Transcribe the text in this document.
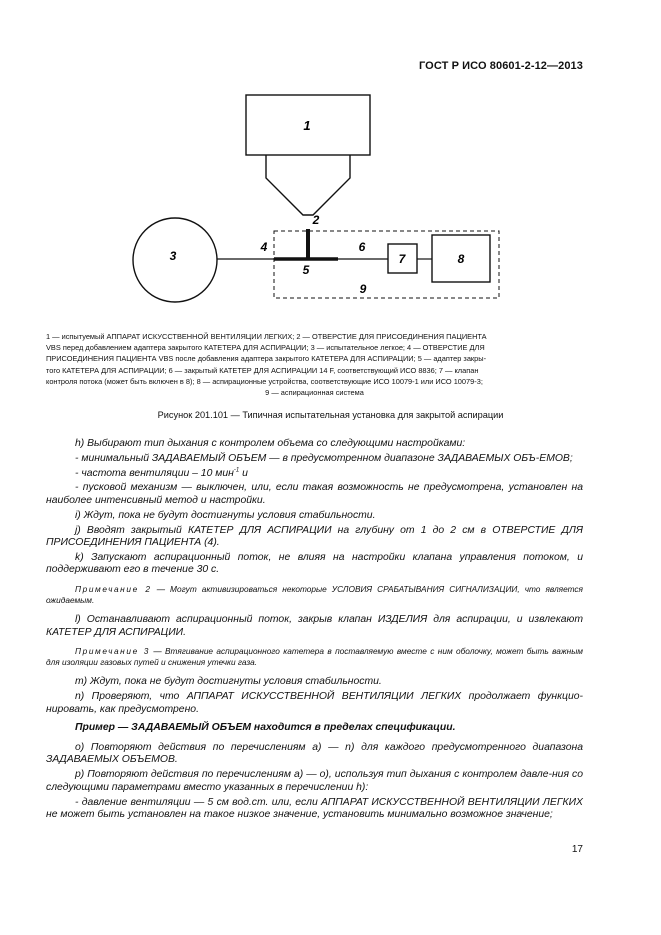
ГОСТ Р ИСО 80601-2-12—2013
1
2
3
4
5
6
7	8
9
1 — испытуемый АППАРАТ ИСКУССТВЕННОЙ ВЕНТИЛЯЦИИ ЛЕГКИХ; 2 — ОТВЕРСТИЕ ДЛЯ ПРИСОЕДИНЕНИЯ ПАЦИЕНТА
VBS перед добавлением адаптера закрытого КАТЕТЕРА ДЛЯ АСПИРАЦИИ; 3 — испытательное легкое; 4 — ОТВЕРСТИЕ ДЛЯ
ПРИСОЕДИНЕНИЯ ПАЦИЕНТА VBS после добавления адаптера закрытого КАТЕТЕРА ДЛЯ АСПИРАЦИИ; 5 — адаптер закры-
того КАТЕТЕРА ДЛЯ АСПИРАЦИИ; 6 — закрытый КАТЕТЕР ДЛЯ АСПИРАЦИИ 14 F, соответствующий ИСО 8836; 7 — клапан
контроля потока (может быть включен в 8); 8 — аспирационные устройства, соответствующие ИСО 10079-1 или ИСО 10079-3;
9 — аспирационная система
Рисунок 201.101 — Типичная испытательная установка для закрытой аспирации

h) Выбирают тип дыхания с контролем объема со следующими настройками:

- минимальный ЗАДАВАЕМЫЙ ОБЪЕМ — в предусмотренном диапазоне ЗАДАВАЕМЫХ ОБЪ-ЕМОВ;

- частота вентиляции – 10 мин$^{-1}$ и

- пусковой механизм — выключен, или, если такая возможность не предусмотрена, установлен на наиболее интенсивный метод и настройки.

i) Ждут, пока не будут достигнуты условия стабильности.

j) Вводят закрытый КАТЕТЕР ДЛЯ АСПИРАЦИИ на глубину от 1 до 2 см в ОТВЕРСТИЕ ДЛЯ ПРИСОЕДИНЕНИЯ ПАЦИЕНТА (4).

k) Запускают аспирационный поток, не влияя на настройки клапана управления потоком, и поддерживают его в течение 30 с.

Примечание 2 — Могут активизироваться некоторые УСЛОВИЯ СРАБАТЫВАНИЯ СИГНАЛИЗАЦИИ, что является ожидаемым.

l) Останавливают аспирационный поток, закрыв клапан ИЗДЕЛИЯ для аспирации, и извлекают КАТЕТЕР ДЛЯ АСПИРАЦИИ.

Примечание 3 — Втягивание аспирационного катетера в поставляемую вместе с ним оболочку, может быть важным для изоляции газовых путей и снижения утечки газа.

m) Ждут, пока не будут достигнуты условия стабильности.

n) Проверяют, что АППАРАТ ИСКУССТВЕННОЙ ВЕНТИЛЯЦИИ ЛЕГКИХ продолжает функцио-нировать, как предусмотрено.

Пример — ЗАДАВАЕМЫЙ ОБЪЕМ находится в пределах спецификации.

o) Повторяют действия по перечислениям а) — n) для каждого предусмотренного диапазона ЗАДАВАЕМЫХ ОБЪЕМОВ.

p) Повторяют действия по перечислениям а) — о), используя тип дыхания с контролем давле-ния со следующими параметрами вместо указанных в перечислении h):

- давление вентиляции — 5 см вод.ст. или, если АППАРАТ ИСКУССТВЕННОЙ ВЕНТИЛЯЦИИ ЛЕГКИХ не может быть установлен на такое низкое значение, установить минимально возможное значение;

17
